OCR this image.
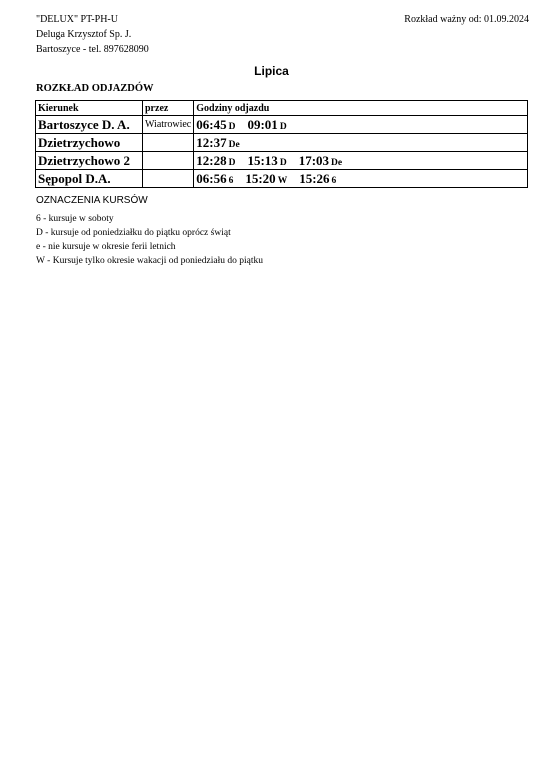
"DELUX" PT-PH-U
Deluga Krzysztof Sp. J.
Bartoszyce - tel. 897628090
Rozkład ważny od: 01.09.2024
Lipica
ROZKŁAD ODJAZDÓW
Kierunek	przez	Godziny odjazdu
Bartoszyce D. A.	Wiatrowiec	06:45 D 09:01 D
Dzietrzychowo		12:37 De
Dzietrzychowo 2		12:28 D 15:13 D 17:03 De
Sępopol D.A.		06:56 6 15:20 W 15:26 6
OZNACZENIA KURSÓW
6 - kursuje w soboty
D - kursuje od poniedziałku do piątku oprócz świąt
e - nie kursuje w okresie ferii letnich
W - Kursuje tylko okresie wakacji od poniedziału do piątku
